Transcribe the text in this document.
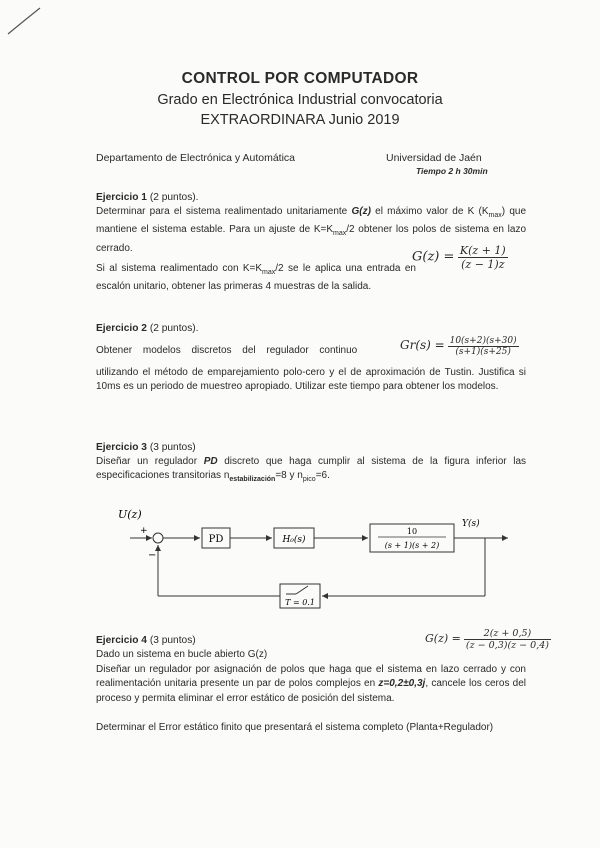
CONTROL POR COMPUTADOR
Grado en Electrónica Industrial convocatoria
EXTRAORDINARA Junio 2019
Departamento de Electrónica y Automática	Universidad de Jaén
Tiempo 2 h 30min
Ejercicio 1 (2 puntos).
Determinar para el sistema realimentado unitariamente G(z) el máximo valor de K $(K_{max})$ que mantiene el sistema estable. Para un ajuste de $K=K_{max}/2$ obtener los polos de sistema en lazo cerrado.
Si al sistema realimentado con $K=K_{max}/2$ se le aplica una entrada en escalón unitario, obtener las primeras 4 muestras de la salida.
$G(z) = \frac{K(z + 1)}{(z - 1)z}$
Ejercicio 2 (2 puntos).
Obtener modelos discretos del regulador continuo	$Gr(s) = \frac{10(s+2)(s+30)}{(s+1)(s+25)}$
utilizando el método de emparejamiento polo-cero y el de aproximación de Tustin. Justifica si 10ms es un periodo de muestreo apropiado. Utilizar este tiempo para obtener los modelos.
Ejercicio 3 (3 puntos)
Diseñar un regulador PD discreto que haga cumplir al sistema de la figura inferior las especificaciones transitorias $n_{estabilización}=8$ y $n_{pico}=6$.
U(z)
+
−
PD	H₀(s)
10
(s + 1)(s + 2)
Y(s)
T = 0.1
Ejercicio 4 (3 puntos)	$G(z) = \frac{2(z + 0,5)}{(z - 0,3)(z - 0,4)}$
Dado un sistema en bucle abierto G(z)
Diseñar un regulador por asignación de polos que haga que el sistema en lazo cerrado y con realimentación unitaria presente un par de polos complejos en z=0,2±0,3j, cancele los ceros del proceso y permita eliminar el error estático de posición del sistema.
Determinar el Error estático finito que presentará el sistema completo (Planta+Regulador)
